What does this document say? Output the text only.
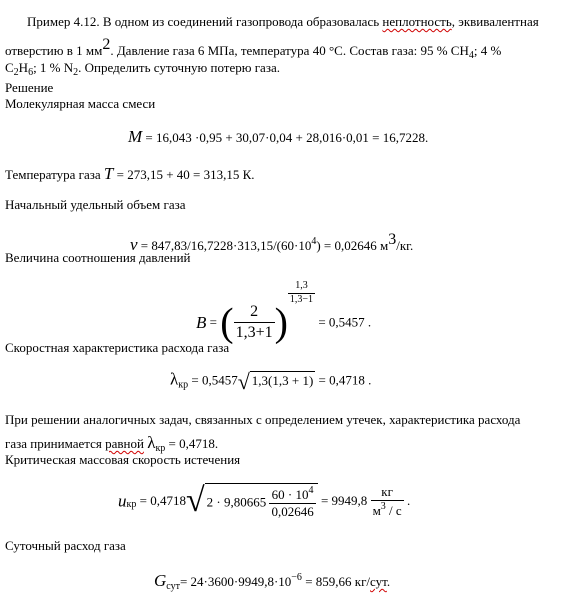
Пример 4.12. В одном из соединений газопровода образовалась неплотность, эквивалентная
отверстию в 1 $мм^2$. Давление газа 6 МПа, температура 40 °С. Состав газа: 95 % $СН_4$; 4 %
$С_2Н_6$; 1 % $N_2$. Определить суточную потерю газа.
Решение
Молекулярная масса смеси
M = 16,043 ·0,95 + 30,07·0,04 + 28,016·0,01 = 16,7228.
Температура газа T = 273,15 + 40 = 313,15 К.
Начальный удельный объем газа
$v = 847,83/16,7228\cdot 313,15/(60\cdot 10^4) = 0,02646$ $м^3/кг$.
Величина соотношения давлений
B = ( $\frac{2}{1,3+1}$ )
$\frac{1,3}{1,3-1}$
= 0,5457 .
Скоростная характеристика расхода газа
$\lambda_{кр} = 0,5457√$ 1,3(1,3 + 1) = 0,4718 .
При решении аналогичных задач, связанных с определением утечек, характеристика расхода
газа принимается равной $\lambda_{кр} = 0,4718$.
Критическая массовая скорость истечения
$u_{кр} = 0,4718√$ $2 \cdot 9,80665 \frac{60 \cdot 10^4}{0,02646} = 9949,8 \frac{кг}{м^3 / с}$ .
Суточный расход газа
$G_{сут}= 24\cdot 3600\cdot 9949,8\cdot 10^{-6} = 859,66$ кг/сут.
